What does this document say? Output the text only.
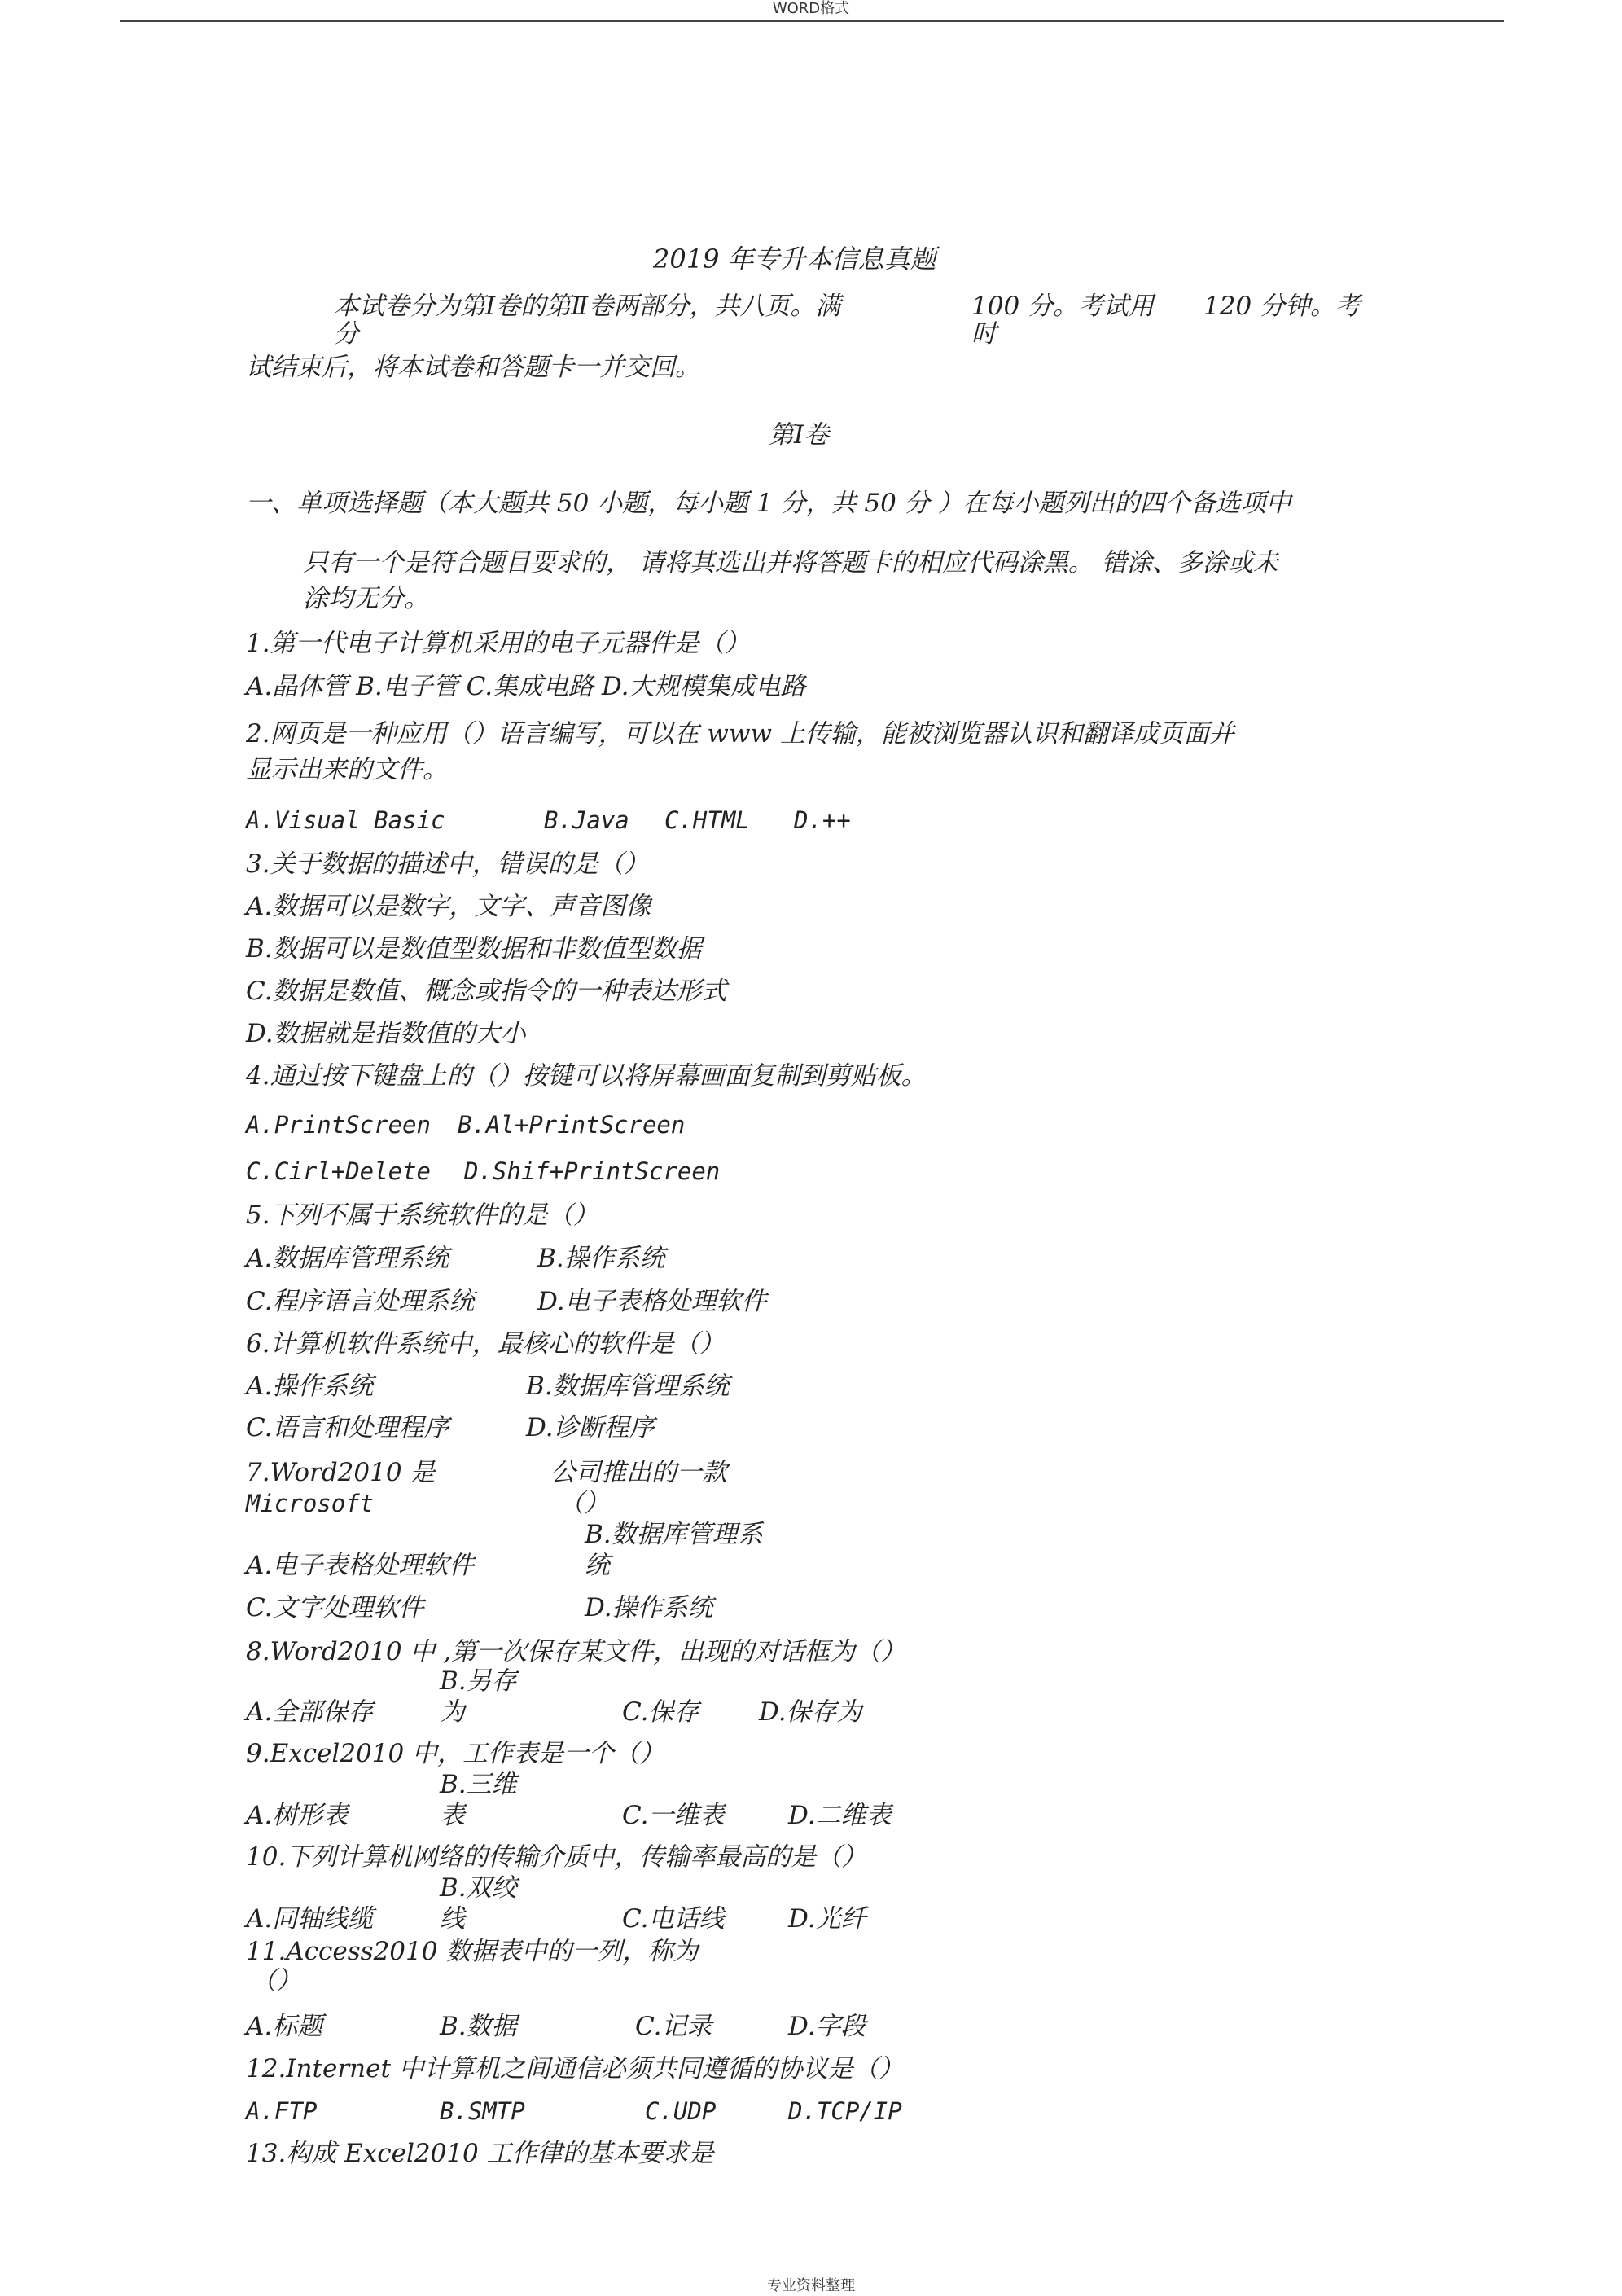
WORD格式
2019 年专升本信息真题
本试卷分为第Ⅰ卷的第Ⅱ卷两部分，共八页。满
分
100 分。考试用
时
120 分钟。考
试结束后，将本试卷和答题卡一并交回。
第Ⅰ卷
一、单项选择题（本大题共 50 小题，每小题 1 分，共 50 分 ）在每小题列出的四个备选项中
只有一个是符合题目要求的， 请将其选出并将答题卡的相应代码涂黑。 错涂、多涂或未
涂均无分。
1.第一代电子计算机采用的电子元器件是（）
A.晶体管 B.电子管 C.集成电路 D.大规模集成电路
2.网页是一种应用（）语言编写，可以在 www 上传输，能被浏览器认识和翻译成页面并
显示出来的文件。
A.Visual Basic	B.Java C.HTML D.++
3.关于数据的描述中，错误的是（）
A.数据可以是数字，文字、声音图像
B.数据可以是数值型数据和非数值型数据
C.数据是数值、概念或指令的一种表达形式
D.数据就是指数值的大小
4.通过按下键盘上的（）按键可以将屏幕画面复制到剪贴板。
A.PrintScreen B.Al+PrintScreen
C.Cirl+Delete D.Shif+PrintScreen
5.下列不属于系统软件的是（）
A.数据库管理系统	B.操作系统
C.程序语言处理系统	D.电子表格处理软件
6.计算机软件系统中，最核心的软件是（）
A.操作系统	B.数据库管理系统
C.语言和处理程序	D.诊断程序
7.Word2010 是
Microsoft
公司推出的一款
（）
B.数据库管理系
统
A.电子表格处理软件
C.文字处理软件	D.操作系统
8.Word2010 中 ,第一次保存某文件，出现的对话框为（）
B.另存
A.全部保存	为	C.保存 D.保存为
9.Excel2010 中，工作表是一个（）
B.三维
A.树形表	表	C.一维表	D.二维表
10.下列计算机网络的传输介质中，传输率最高的是（）
B.双绞
A.同轴线缆	线	C.电话线	D.光纤
11.Access2010 数据表中的一列，称为
（）
A.标题	B.数据	C.记录	D.字段
12.Internet 中计算机之间通信必须共同遵循的协议是（）
A.FTP	B.SMTP	C.UDP	D.TCP/IP
13.构成 Excel2010 工作律的基本要求是
专业资料整理
